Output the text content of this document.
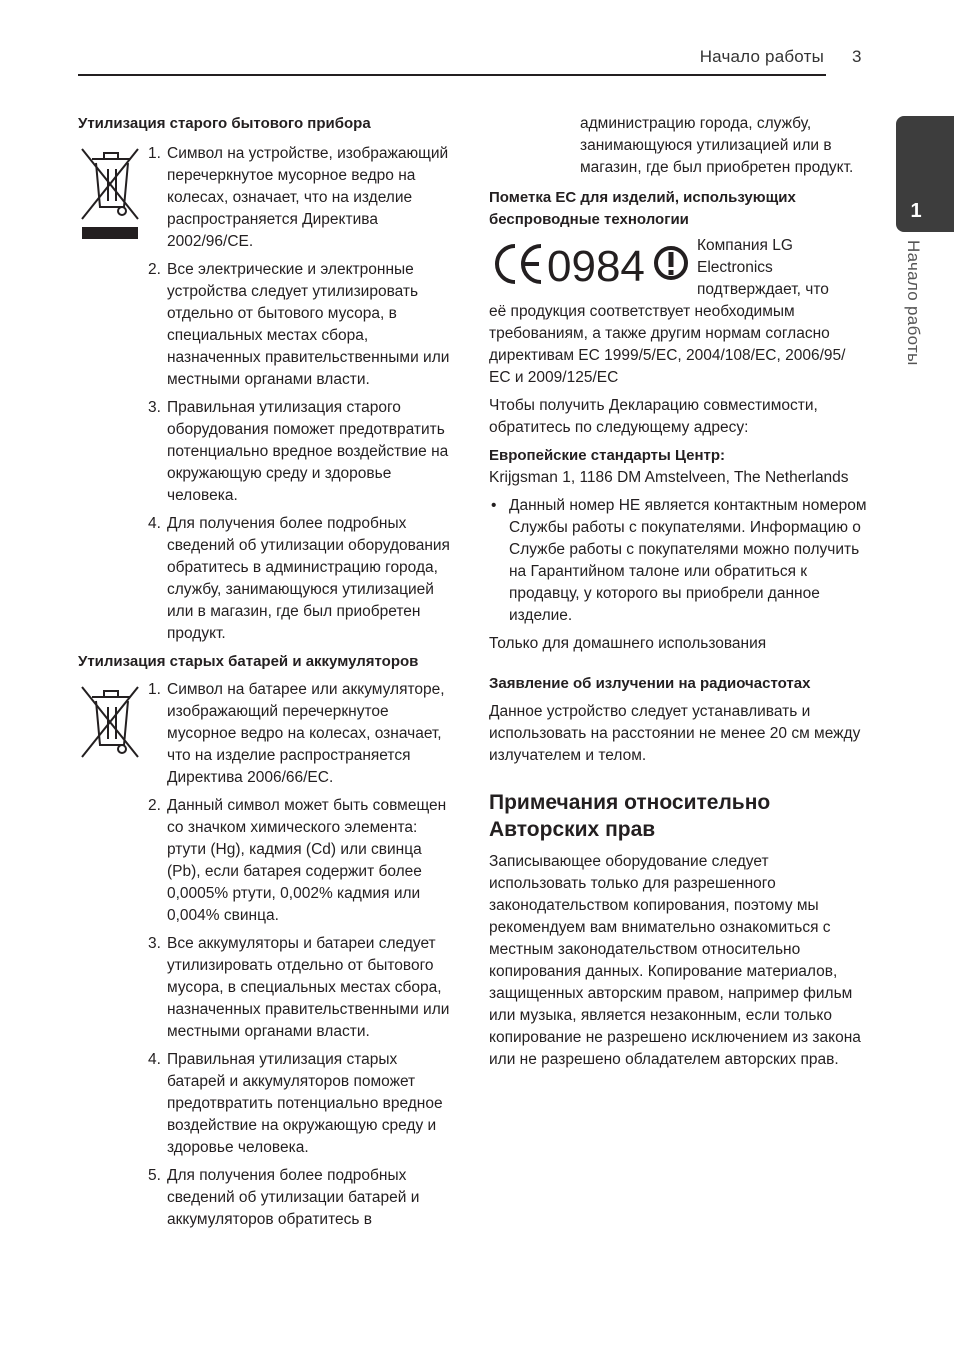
Начало работы 3
1
Начало работы
Утилизация старого бытового прибора
1. Символ на устройстве, изображающий перечеркнутое мусорное ведро на колесах, означает, что на изделие распространяется Директива 2002/96/CE.
2. Все электрические и электронные устройства следует утилизировать отдельно от бытового мусора, в специальных местах сбора, назначенных правительственными или местными органами власти.
3. Правильная утилизация старого оборудования поможет предотвратить потенциально вредное воздействие на окружающую среду и здоровье человека.
4. Для получения более подробных сведений об утилизации оборудования обратитесь в администрацию города, службу, занимающуюся утилизацией или в магазин, где был приобретен продукт.
Утилизация старых батарей и аккумуляторов
1. Символ на батарее или аккумуляторе, изображающий перечеркнутое мусорное ведро на колесах, означает, что на изделие распространяется Директива 2006/66/EC.
2. Данный символ может быть совмещен со значком химического элемента: ртути (Hg), кадмия (Cd) или свинца (Pb), если батарея содержит более 0,0005% ртути, 0,002% кадмия или 0,004% свинца.
3. Все аккумуляторы и батареи следует утилизировать отдельно от бытового мусора, в специальных местах сбора, назначенных правительственными или местными органами власти.
4. Правильная утилизация старых батарей и аккумуляторов поможет предотвратить потенциально вредное воздействие на окружающую среду и здоровье человека.
5. Для получения более подробных сведений об утилизации батарей и аккумуляторов обратитесь в

администрацию города, службу, занимающуюся утилизацией или в магазин, где был приобретен продукт.

Пометка ЕС для изделий, использующих беспроводные технологии
0984	Компания LG Electronics подтверждает, что

её продукция соответствует необходимым требованиям, а также другим нормам согласно директивам EC 1999/5/EC, 2004/108/EC, 2006/95/ EC и 2009/125/EC

Чтобы получить Декларацию совместимости, обратитесь по следующему адресу:

Европейские стандарты Центр:

Krijgsman 1, 1186 DM Amstelveen, The Netherlands

• Данный номер НЕ является контактным номером Службы работы с покупателями. Информацию о Службе работы с покупателями можно получить на Гарантийном талоне или обратиться к продавцу, у которого вы приобрели данное изделие.

Только для домашнего использования

Заявление об излучении на радиочастотах

Данное устройство следует устанавливать и использовать на расстоянии не менее 20 см между излучателем и телом.

Примечания относительно Авторских прав

Записывающее оборудование следует использовать только для разрешенного законодательством копирования, поэтому мы рекомендуем вам внимательно ознакомиться с местным законодательством относительно копирования данных. Копирование материалов, защищенных авторским правом, например фильм или музыка, является незаконным, если только копирование не разрешено исключением из закона или не разрешено обладателем авторских прав.
